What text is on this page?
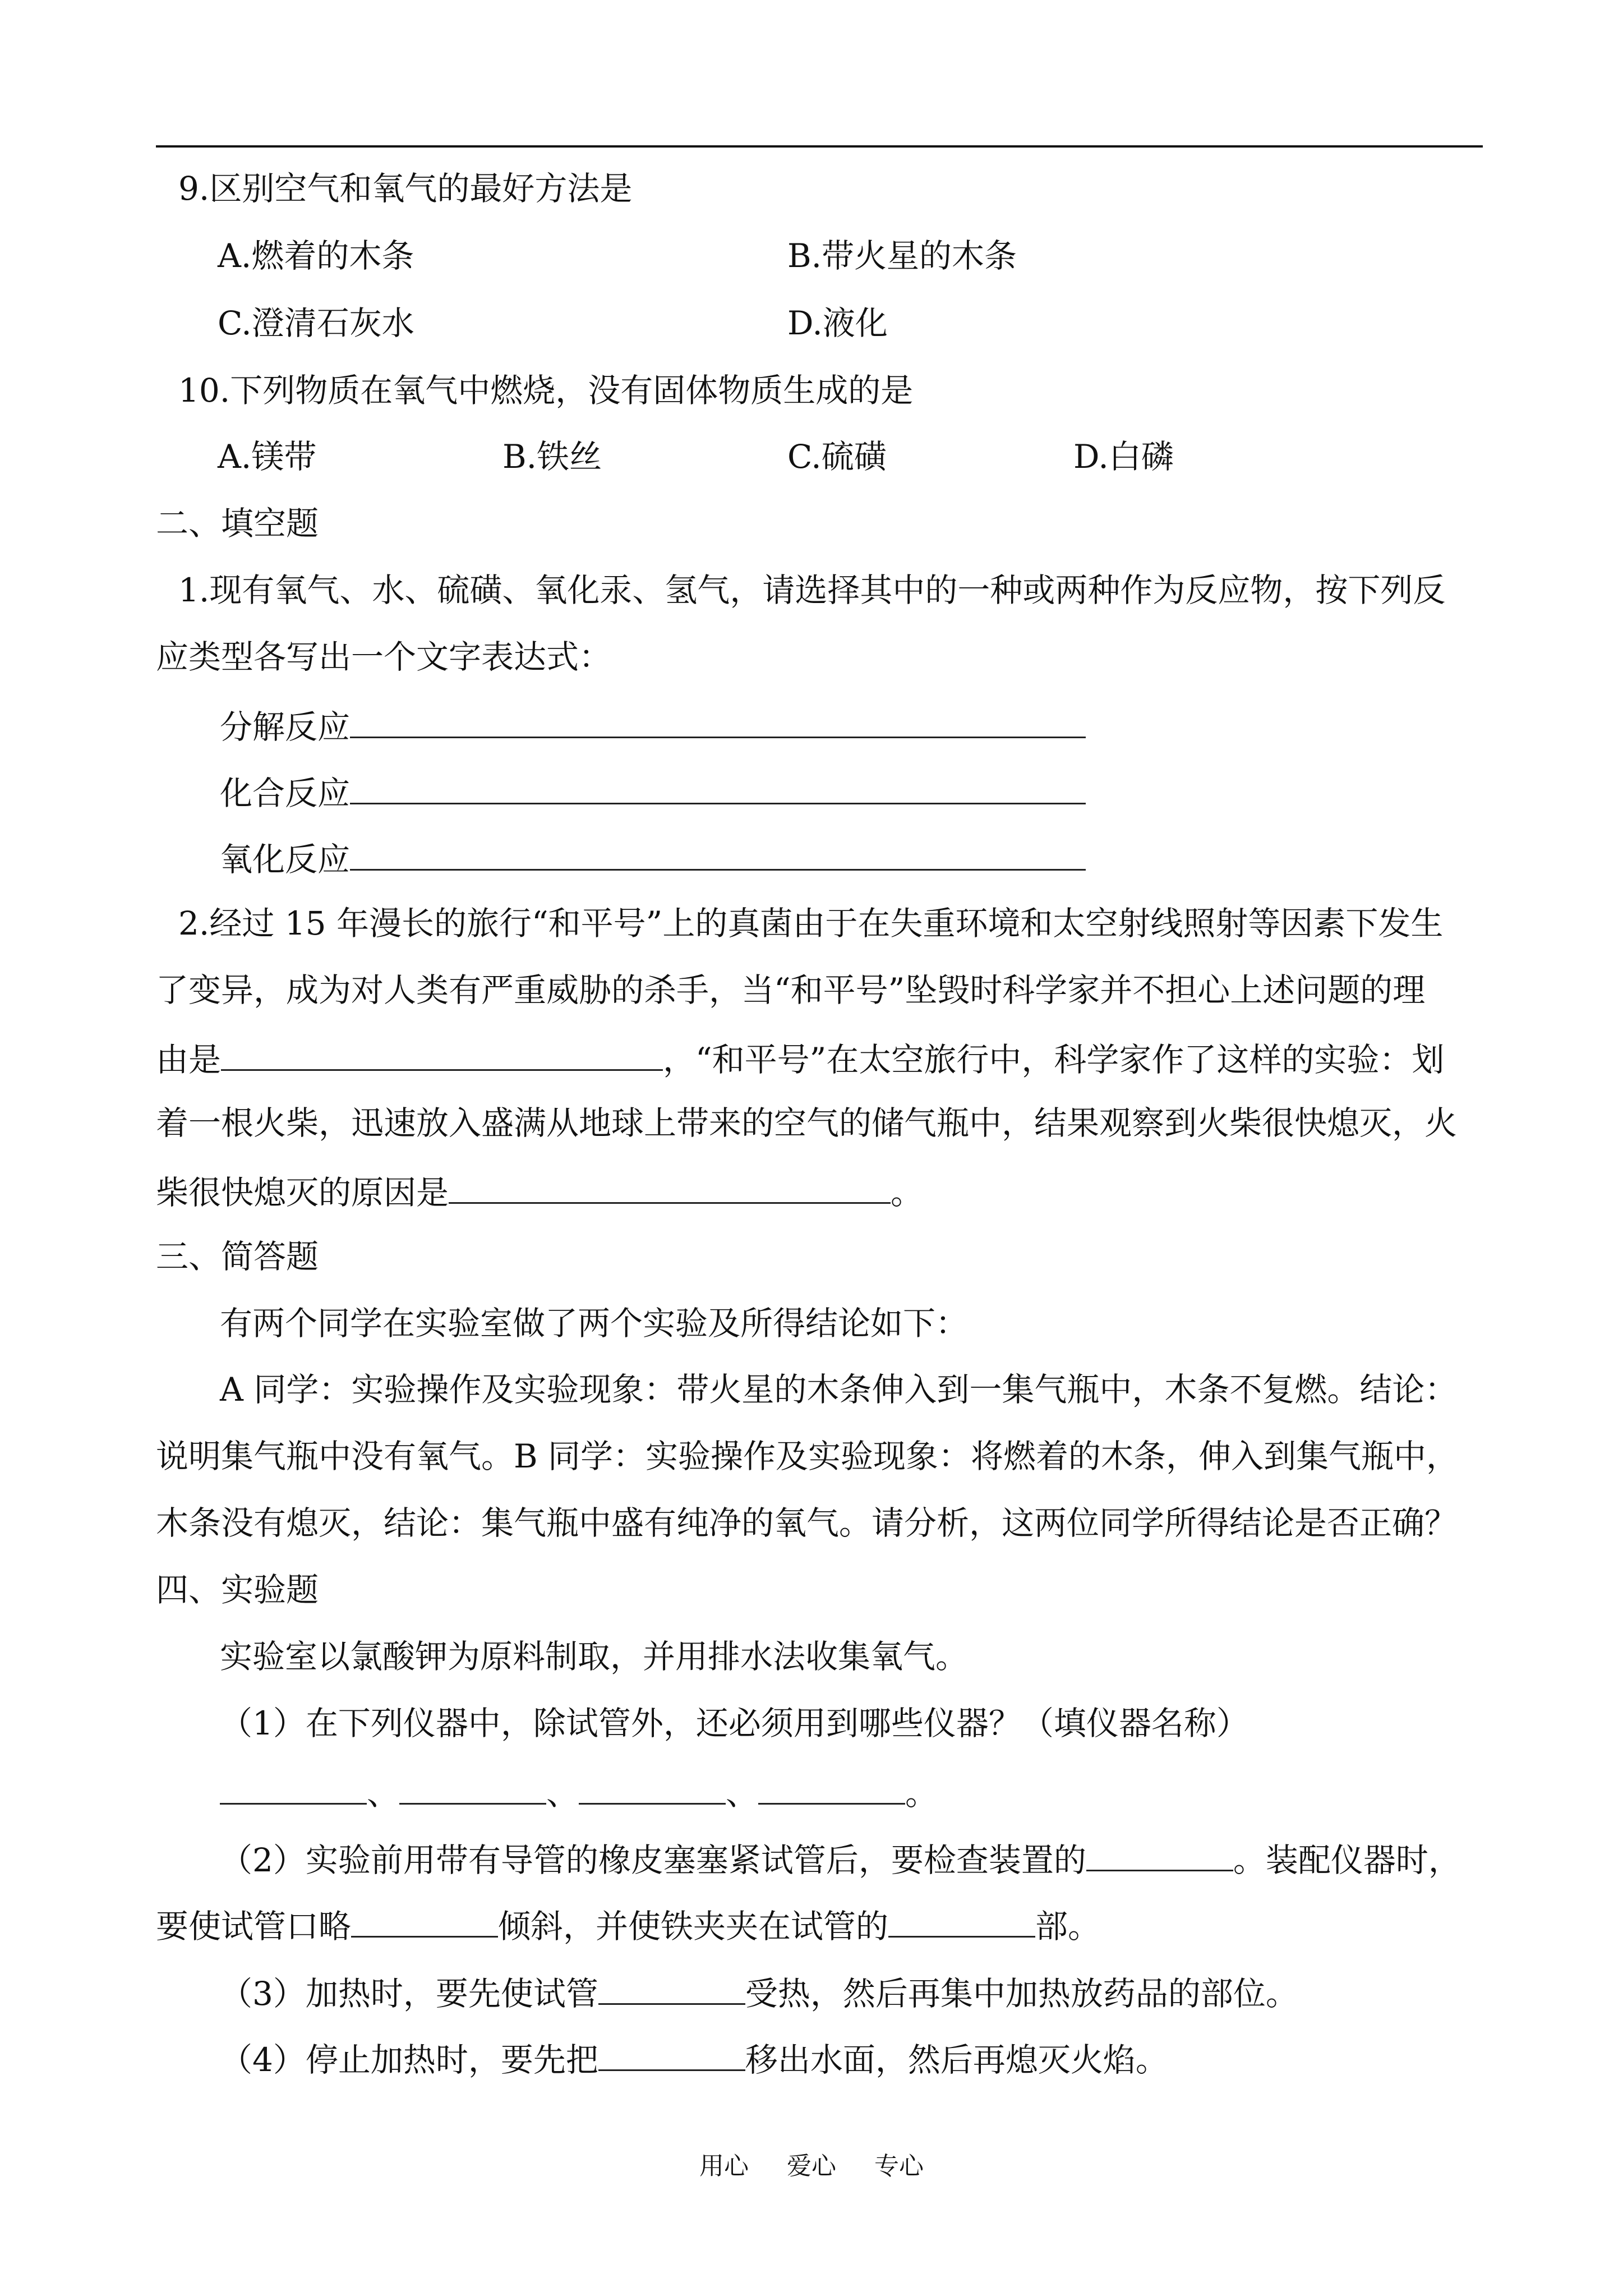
9.区别空气和氧气的最好方法是
A.燃着的木条	B.带火星的木条
C.澄清石灰水	D.液化
10.下列物质在氧气中燃烧，没有固体物质生成的是
A.镁带	B.铁丝	C.硫磺	D.白磷
二、填空题
1.现有氧气、水、硫磺、氧化汞、氢气，请选择其中的一种或两种作为反应物，按下列反
应类型各写出一个文字表达式：
分解反应
化合反应
氧化反应
2.经过 15 年漫长的旅行“和平号”上的真菌由于在失重环境和太空射线照射等因素下发生
了变异，成为对人类有严重威胁的杀手，当“和平号”坠毁时科学家并不担心上述问题的理
由是	，“和平号”在太空旅行中，科学家作了这样的实验：划
着一根火柴，迅速放入盛满从地球上带来的空气的储气瓶中，结果观察到火柴很快熄灭，火
柴很快熄灭的原因是	。
三、简答题
有两个同学在实验室做了两个实验及所得结论如下：
A 同学：实验操作及实验现象：带火星的木条伸入到一集气瓶中，木条不复燃。结论：
说明集气瓶中没有氧气。B 同学：实验操作及实验现象：将燃着的木条，伸入到集气瓶中，
木条没有熄灭，结论：集气瓶中盛有纯净的氧气。请分析，这两位同学所得结论是否正确？
四、实验题
实验室以氯酸钾为原料制取，并用排水法收集氧气。
（1）在下列仪器中，除试管外，还必须用到哪些仪器？（填仪器名称）
、	、	、	。
（2）实验前用带有导管的橡皮塞塞紧试管后，要检查装置的	。装配仪器时，
要使试管口略	倾斜，并使铁夹夹在试管的	部。
（3）加热时，要先使试管	受热，然后再集中加热放药品的部位。
（4）停止加热时，要先把	移出水面，然后再熄灭火焰。
用心 爱心 专心
